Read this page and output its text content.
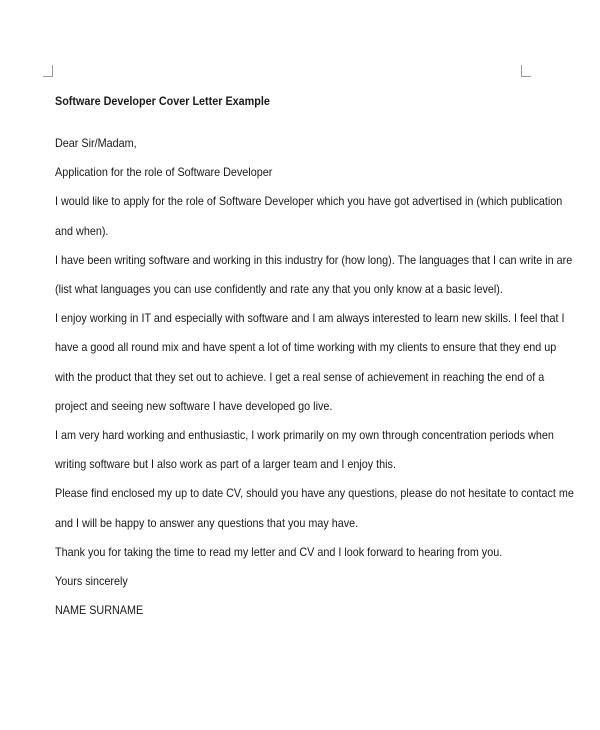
Software Developer Cover Letter Example

Dear Sir/Madam,

Application for the role of Software Developer

I would like to apply for the role of Software Developer which you have got advertised in (which publication

and when).

I have been writing software and working in this industry for (how long). The languages that I can write in are

(list what languages you can use confidently and rate any that you only know at a basic level).

I enjoy working in IT and especially with software and I am always interested to learn new skills. I feel that I

have a good all round mix and have spent a lot of time working with my clients to ensure that they end up

with the product that they set out to achieve. I get a real sense of achievement in reaching the end of a

project and seeing new software I have developed go live.

I am very hard working and enthusiastic, I work primarily on my own through concentration periods when

writing software but I also work as part of a larger team and I enjoy this.

Please find enclosed my up to date CV, should you have any questions, please do not hesitate to contact me

and I will be happy to answer any questions that you may have.

Thank you for taking the time to read my letter and CV and I look forward to hearing from you.

Yours sincerely

NAME SURNAME
